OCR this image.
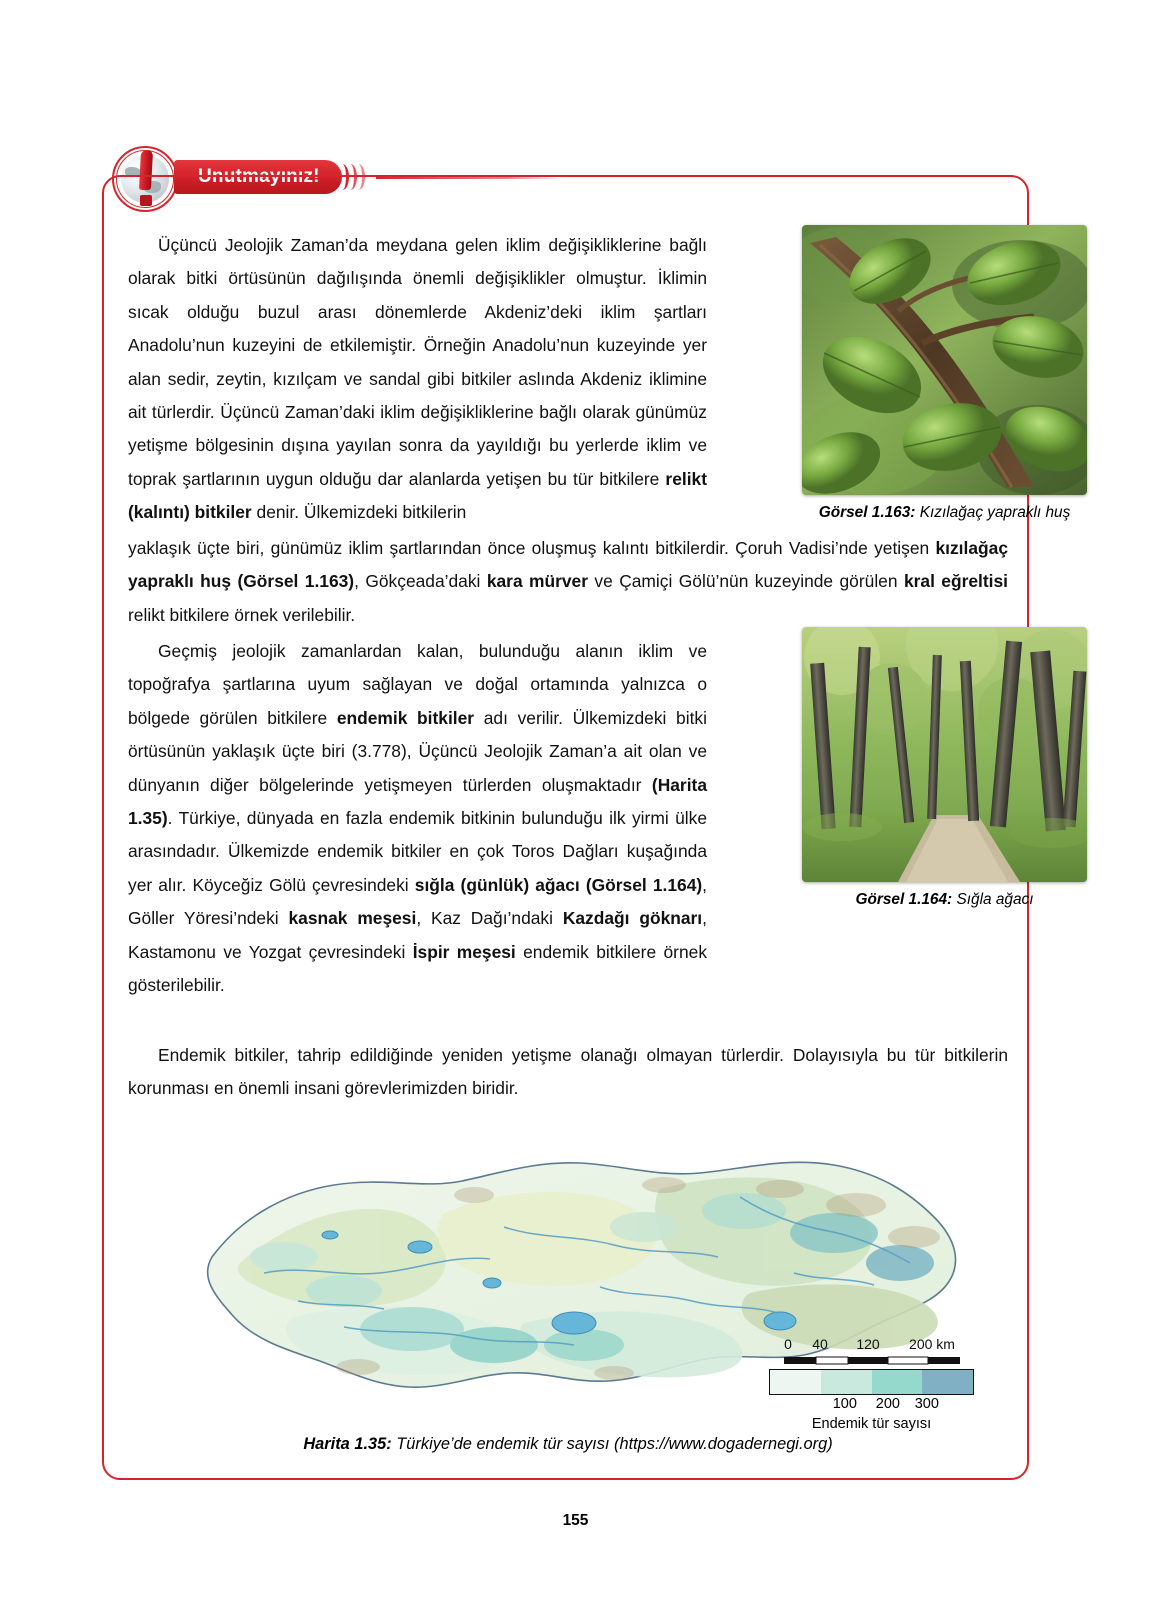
Unutmayınız!

Üçüncü Jeolojik Zaman’da meydana gelen iklim değişikliklerine bağlı olarak bitki örtüsünün dağılışında önemli değişiklikler olmuştur. İklimin sıcak olduğu buzul arası dönemlerde Akdeniz’deki iklim şartları Anadolu’nun kuzeyini de etkilemiştir. Örneğin Anadolu’nun kuzeyinde yer alan sedir, zeytin, kızılçam ve sandal gibi bitkiler aslında Akdeniz iklimine ait türlerdir. Üçüncü Zaman’daki iklim değişikliklerine bağlı olarak günümüz yetişme bölgesinin dışına yayılan sonra da yayıldığı bu yerlerde iklim ve toprak şartlarının uygun olduğu dar alanlarda yetişen bu tür bitkilere relikt (kalıntı) bitkiler denir. Ülkemizdeki bitkilerin

yaklaşık üçte biri, günümüz iklim şartlarından önce oluşmuş kalıntı bitkilerdir. Çoruh Vadisi’nde yetişen kızılağaç yapraklı huş (Görsel 1.163), Gökçeada’daki kara mürver ve Çamiçi Gölü’nün kuzeyinde görülen kral eğreltisi relikt bitkilere örnek verilebilir.

Geçmiş jeolojik zamanlardan kalan, bulunduğu alanın iklim ve topoğrafya şartlarına uyum sağlayan ve doğal ortamında yalnızca o bölgede görülen bitkilere endemik bitkiler adı verilir. Ülkemizdeki bitki örtüsünün yaklaşık üçte biri (3.778), Üçüncü Jeolojik Zaman’a ait olan ve dünyanın diğer bölgelerinde yetişmeyen türlerden oluşmaktadır (Harita 1.35). Türkiye, dünyada en fazla endemik bitkinin bulunduğu ilk yirmi ülke arasındadır. Ülkemizde endemik bitkiler en çok Toros Dağları kuşağında yer alır. Köyceğiz Gölü çevresindeki sığla (günlük) ağacı (Görsel 1.164), Göller Yöresi’ndeki kasnak meşesi, Kaz Dağı’ndaki Kazdağı göknarı, Kastamonu ve Yozgat çevresindeki İspir meşesi endemik bitkilere örnek gösterilebilir.

Endemik bitkiler, tahrip edildiğinde yeniden yetişme olanağı olmayan türlerdir. Dolayısıyla bu tür bitkilerin korunması en önemli insani görevlerimizden biridir.

Görsel 1.163: Kızılağaç yapraklı huş
Görsel 1.164: Sığla ağacı
0 40 120 200 km
100 200 300
Endemik tür sayısı
Harita 1.35: Türkiye’de endemik tür sayısı (https://www.dogadernegi.org)
155
